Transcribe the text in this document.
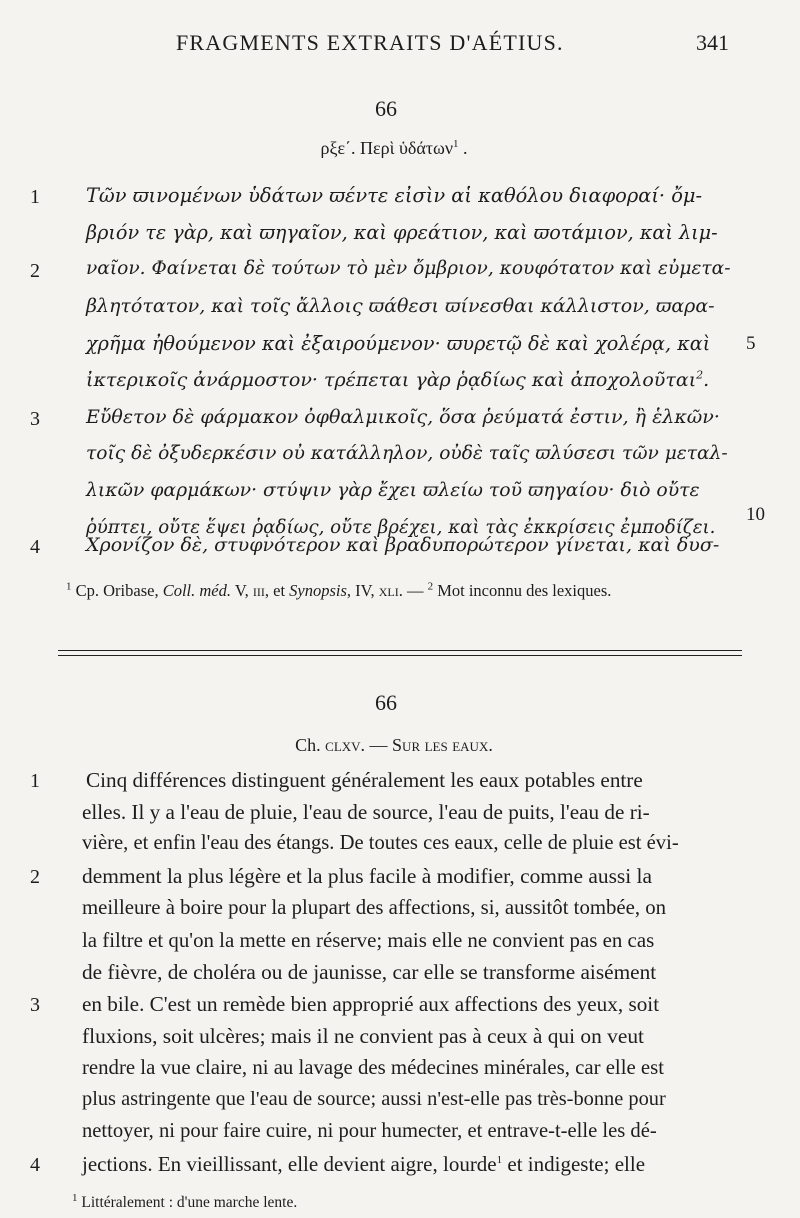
FRAGMENTS EXTRAITS D'AÉTIUS.	341
66
ρξε΄. Περὶ ὑδάτων$^1$ .
1 Τῶν ϖινομένων ὑδάτων ϖέντε εἰσὶν αἱ καθόλου διαφοραί· ὄμ-
βριόν τε γὰρ, καὶ ϖηγαῖον, καὶ φρεάτιον, καὶ ϖοτάμιον, καὶ λιμ-
2 ναῖον. Φαίνεται δὲ τούτων τὸ μὲν ὄμβριον, κουφότατον καὶ εὐμετα-
βλητότατον, καὶ τοῖς ἄλλοις ϖάθεσι ϖίνεσθαι κάλλιστον, ϖαρα-
χρῆμα ἠθούμενον καὶ ἐξαιρούμενον· ϖυρετῷ δὲ καὶ χολέρᾳ, καὶ 5
ἰκτερικοῖς ἀνάρμοστον· τρέπεται γὰρ ῥᾳδίως καὶ ἀποχολοῦται$^2$.
3 Εὔθετον δὲ φάρμακον ὀφθαλμικοῖς, ὅσα ῥεύματά ἐστιν, ἢ ἑλκῶν·
τοῖς δὲ ὀξυδερκέσιν οὐ κατάλληλον, οὐδὲ ταῖς ϖλύσεσι τῶν μεταλ-
λικῶν φαρμάκων· στύψιν γὰρ ἔχει ϖλείω τοῦ ϖηγαίου· διὸ οὔτε
ῥύπτει, οὔτε ἕψει ῥᾳδίως, οὔτε βρέχει, καὶ τὰς ἐκκρίσεις ἐμποδίζει.
10
4 Χρονίζον δὲ, στυφνότερον καὶ βραδυπορώτερον γίνεται, καὶ δυσ-
$^1$ Cp. Oribase, Coll. méd. V, iii, et Synopsis, IV, xli. — $^2$ Mot inconnu des lexiques.
66
Ch. clxv. — Sur les eaux.
1 Cinq différences distinguent généralement les eaux potables entre
elles. Il y a l'eau de pluie, l'eau de source, l'eau de puits, l'eau de ri-
vière, et enfin l'eau des étangs. De toutes ces eaux, celle de pluie est évi-
2 demment la plus légère et la plus facile à modifier, comme aussi la
meilleure à boire pour la plupart des affections, si, aussitôt tombée, on
la filtre et qu'on la mette en réserve; mais elle ne convient pas en cas
de fièvre, de choléra ou de jaunisse, car elle se transforme aisément
3 en bile. C'est un remède bien approprié aux affections des yeux, soit
fluxions, soit ulcères; mais il ne convient pas à ceux à qui on veut
rendre la vue claire, ni au lavage des médecines minérales, car elle est
plus astringente que l'eau de source; aussi n'est-elle pas très-bonne pour
nettoyer, ni pour faire cuire, ni pour humecter, et entrave-t-elle les dé-
4 jections. En vieillissant, elle devient aigre, lourde$^1$ et indigeste; elle
$^1$ Littéralement : d'une marche lente.
